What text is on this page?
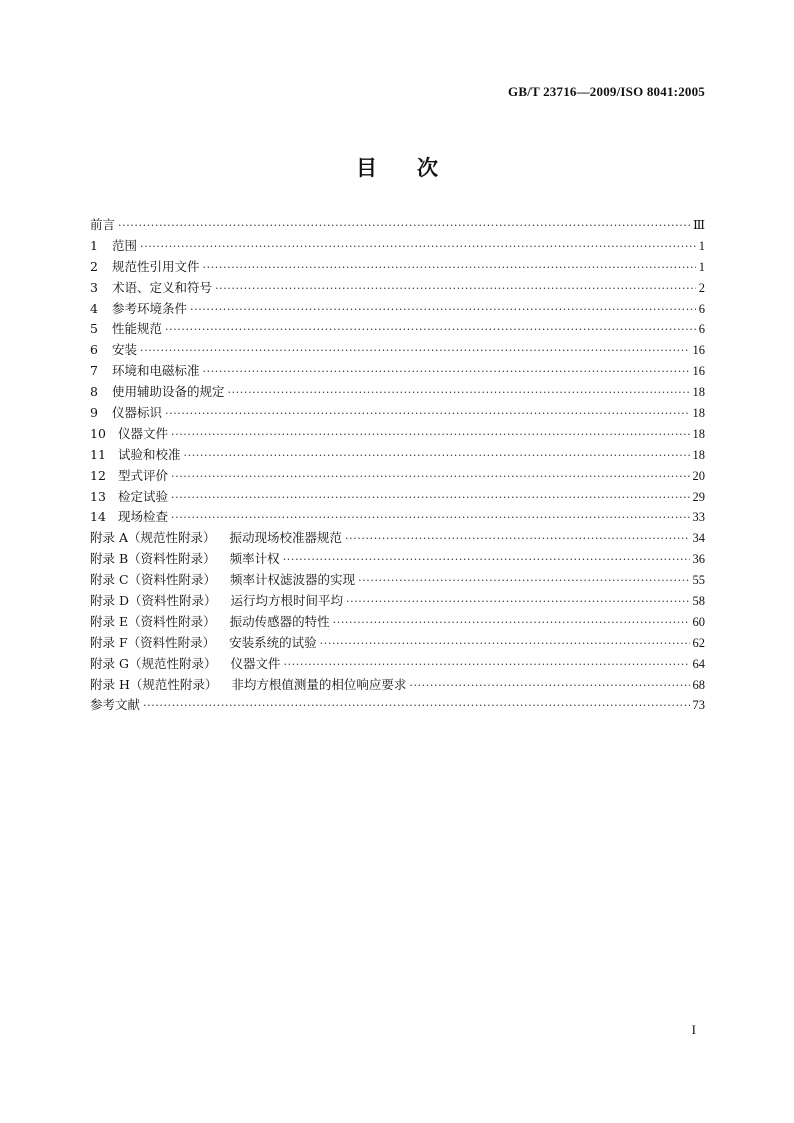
GB/T 23716—2009/ISO 8041:2005
目次
前言 ·····	Ⅲ
1	范围 ·····	1
2	规范性引用文件 ·····	1
3	术语、定义和符号 ·····	2
4	参考环境条件 ·····	6
5	性能规范 ·····	6
6	安装 ·····	16
7	环境和电磁标准 ·····	16
8	使用辅助设备的规定 ·····	18
9	仪器标识 ·····	18
10 仪器文件 ·····	18
11 试验和校准 ·····	18
12 型式评价 ·····	20
13 检定试验 ·····	29
14 现场检查 ·····	33
附录 A（规范性附录）	振动现场校准器规范 ·····	34
附录 B（资料性附录）	频率计权 ·····	36
附录 C（资料性附录）	频率计权滤波器的实现 ·····	55
附录 D（资料性附录）	运行均方根时间平均 ·····	58
附录 E（资料性附录）	振动传感器的特性 ·····	60
附录 F（资料性附录）	安装系统的试验 ·····	62
附录 G（规范性附录）	仪器文件 ·····	64
附录 H（规范性附录）	非均方根值测量的相位响应要求 ·····	68
参考文献 ·····	73
I
